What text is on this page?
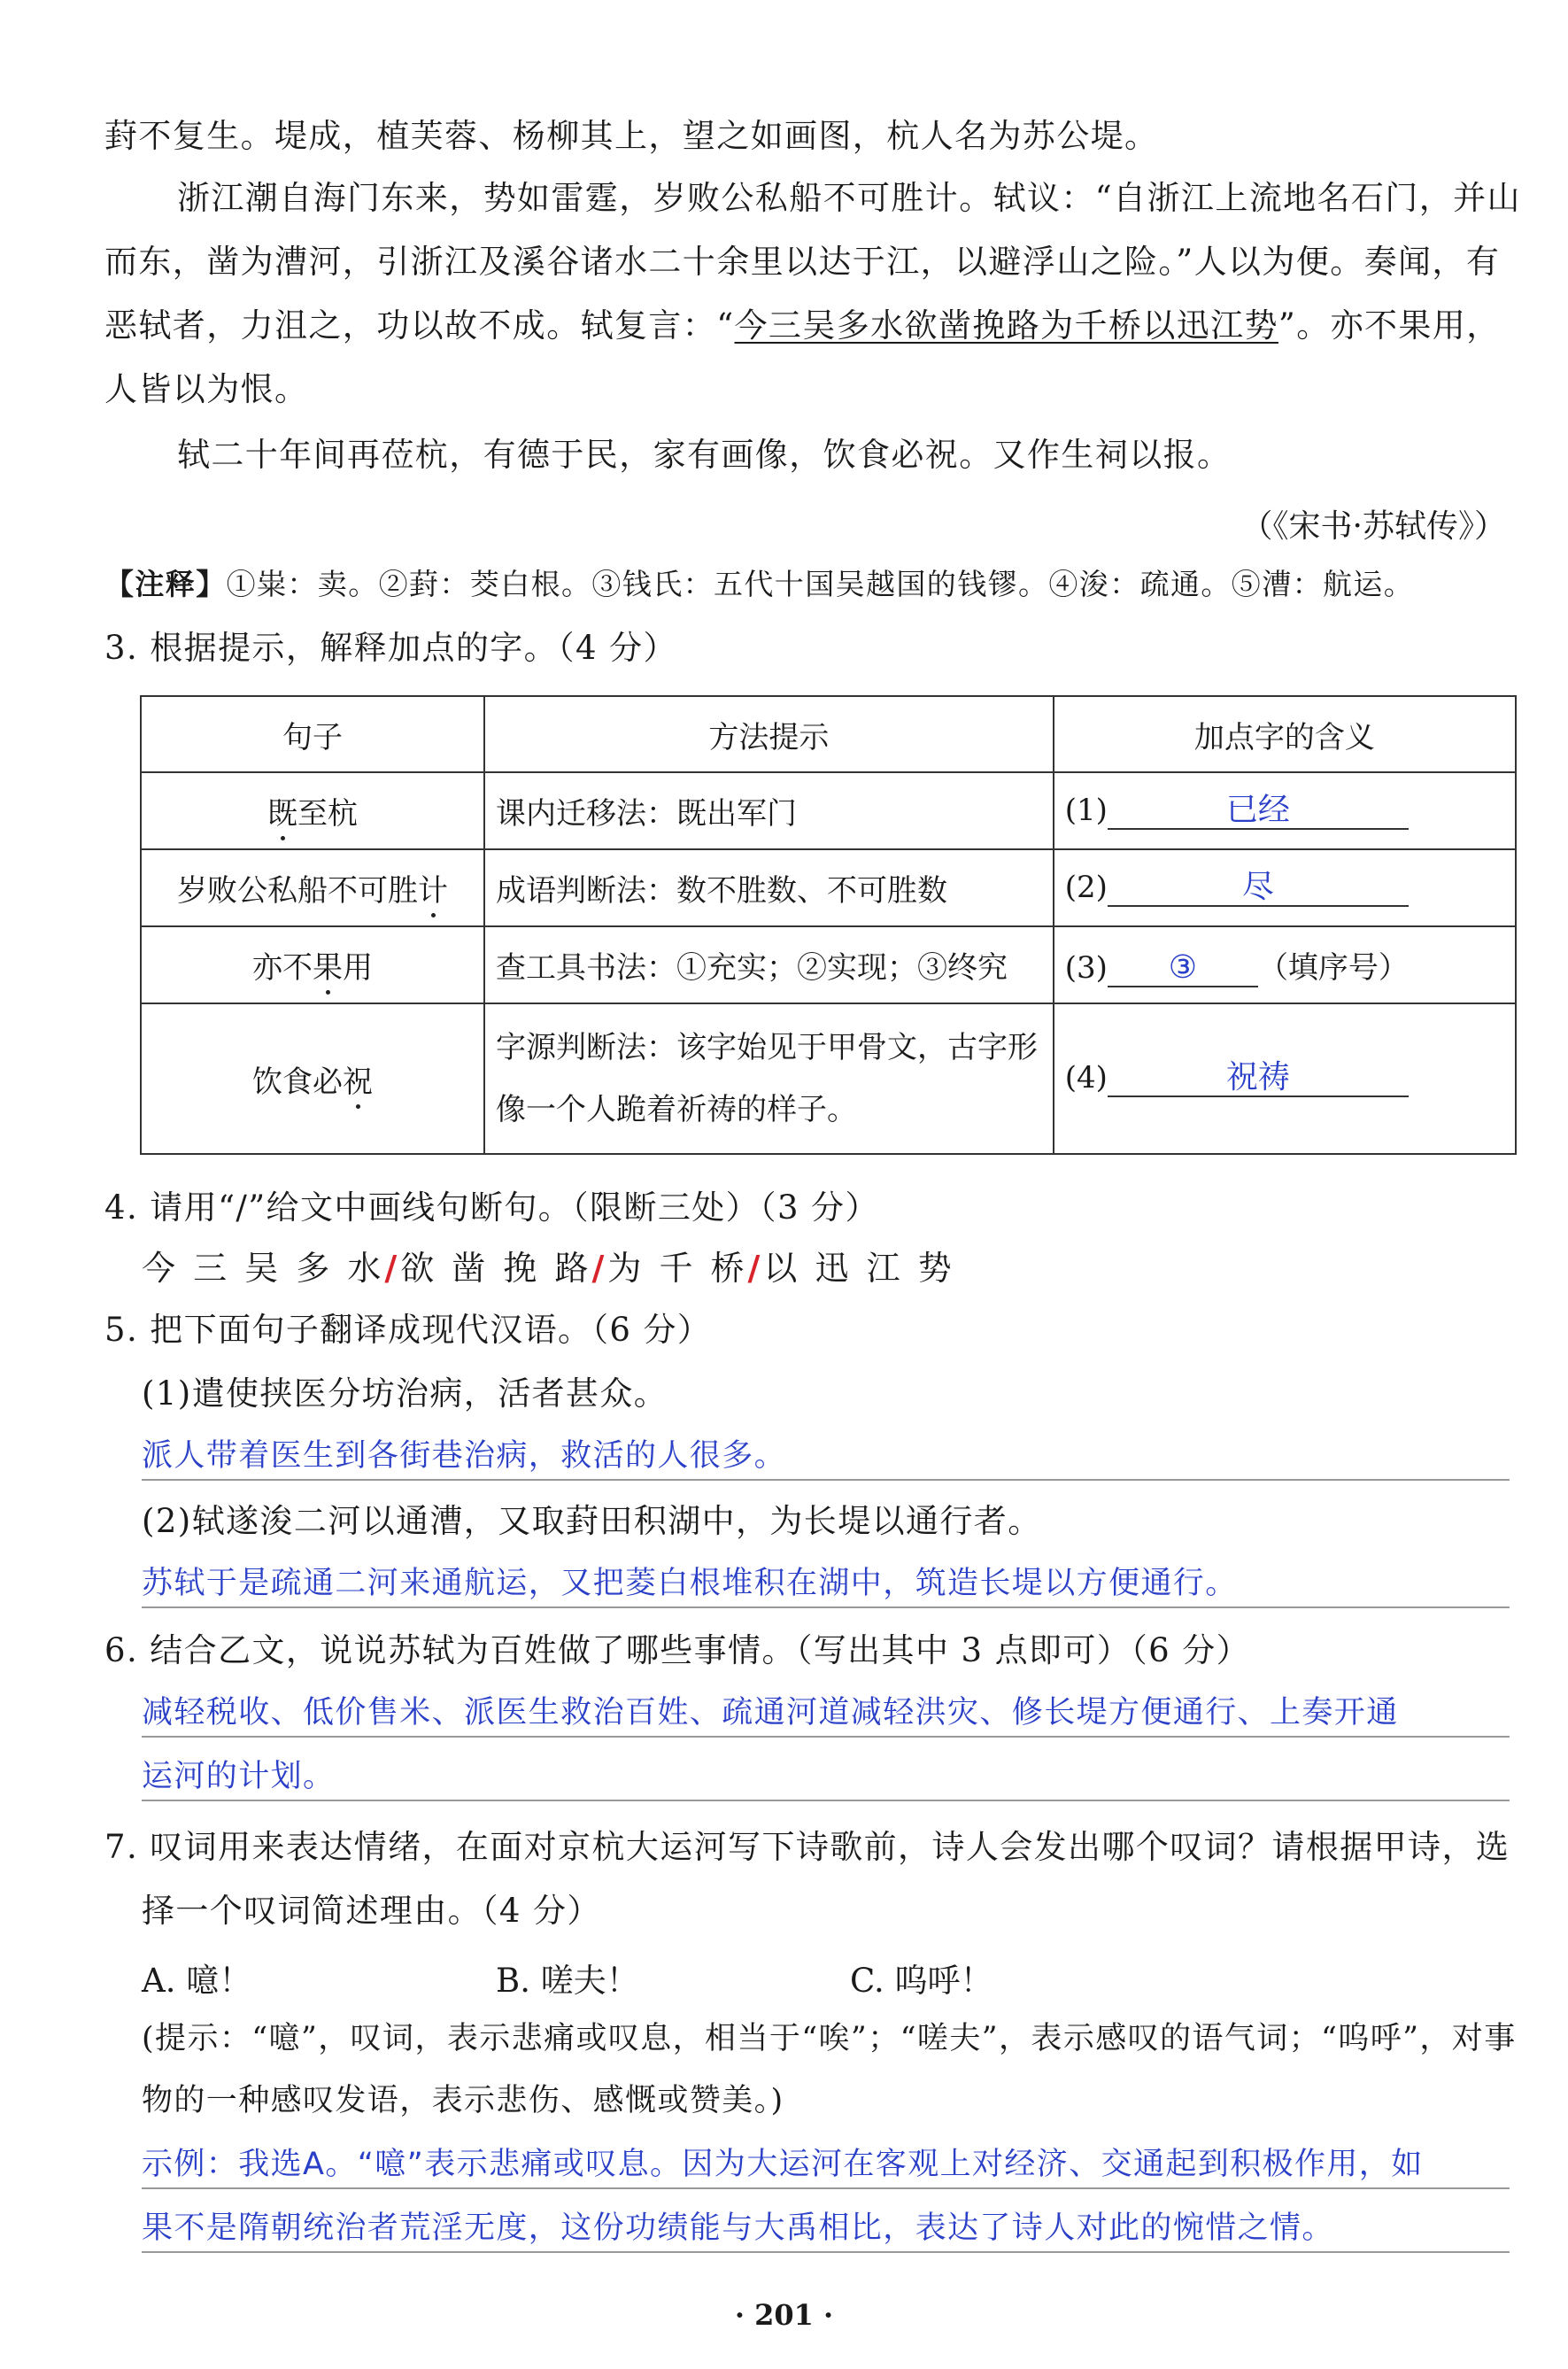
葑不复生。堤成，植芙蓉、杨柳其上，望之如画图，杭人名为苏公堤。
浙江潮自海门东来，势如雷霆，岁败公私船不可胜计。轼议：“自浙江上流地名石门，并山
而东，凿为漕河，引浙江及溪谷诸水二十余里以达于江，以避浮山之险。”人以为便。奏闻，有
恶轼者，力沮之，功以故不成。轼复言：“今三吴多水欲凿挽路为千桥以迅江势”。亦不果用，
人皆以为恨。
轼二十年间再莅杭，有德于民，家有画像，饮食必祝。又作生祠以报。
（《宋书·苏轼传》）
【注释】①粜：卖。②葑：茭白根。③钱氏：五代十国吴越国的钱镠。④浚：疏通。⑤漕：航运。
3. 根据提示，解释加点的字。（4 分）
句子	方法提示	加点字的含义
既至杭	课内迁移法：既出军门	(1) 已经
岁败公私船不可胜计	成语判断法：数不胜数、不可胜数	(2) 尽
亦不果用	查工具书法：①充实；②实现；③终究	(3) ③ （填序号）
饮食必祝	字源判断法：该字始见于甲骨文，古字形像一个人跪着祈祷的样子。	(4) 祝祷
4. 请用“/”给文中画线句断句。（限断三处）（3 分）
今 三 吴 多 水/欲 凿 挽 路/为 千 桥/以 迅 江 势
5. 把下面句子翻译成现代汉语。（6 分）
(1)遣使挟医分坊治病，活者甚众。
派人带着医生到各街巷治病，救活的人很多。
(2)轼遂浚二河以通漕，又取葑田积湖中，为长堤以通行者。
苏轼于是疏通二河来通航运，又把菱白根堆积在湖中，筑造长堤以方便通行。
6. 结合乙文，说说苏轼为百姓做了哪些事情。（写出其中 3 点即可）（6 分）
减轻税收、低价售米、派医生救治百姓、疏通河道减轻洪灾、修长堤方便通行、上奏开通
运河的计划。
7. 叹词用来表达情绪，在面对京杭大运河写下诗歌前，诗人会发出哪个叹词？请根据甲诗，选
择一个叹词简述理由。（4 分）
A. 噫！	B. 嗟夫！	C. 呜呼！
(提示：“噫”，叹词，表示悲痛或叹息，相当于“唉”；“嗟夫”，表示感叹的语气词；“呜呼”，对事
物的一种感叹发语，表示悲伤、感慨或赞美。)
示例：我选A。“噫”表示悲痛或叹息。因为大运河在客观上对经济、交通起到积极作用，如
果不是隋朝统治者荒淫无度，这份功绩能与大禹相比，表达了诗人对此的惋惜之情。
· 201 ·
